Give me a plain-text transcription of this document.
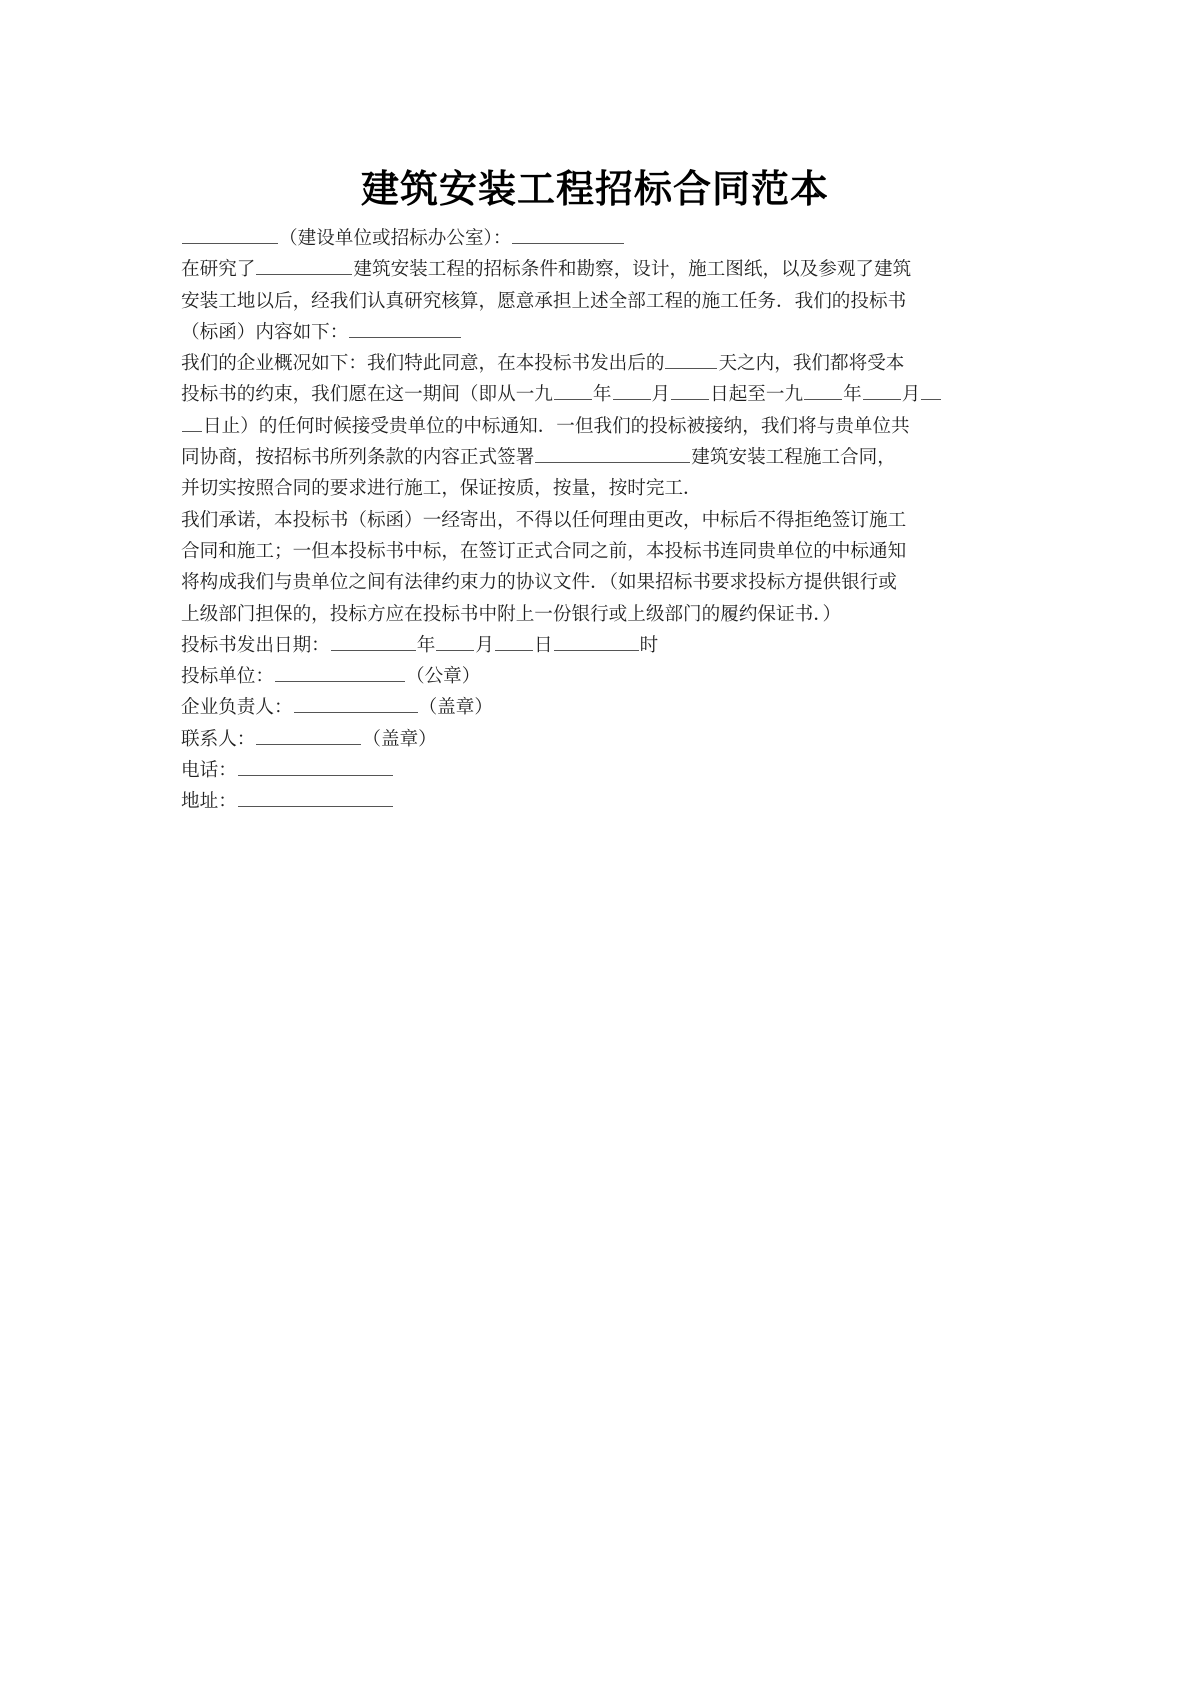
建筑安装工程招标合同范本
（建设单位或招标办公室）：
在研究了	建筑安装工程的招标条件和勘察，设计，施工图纸，以及参观了建筑
安装工地以后，经我们认真研究核算，愿意承担上述全部工程的施工任务．我们的投标书
（标函）内容如下：
我们的企业概况如下：我们特此同意，在本投标书发出后的	天之内，我们都将受本
投标书的约束，我们愿在这一期间（即从一九 年 月 日起至一九 年 月
日止）的任何时候接受贵单位的中标通知．一但我们的投标被接纳，我们将与贵单位共
同协商，按招标书所列条款的内容正式签署	建筑安装工程施工合同，
并切实按照合同的要求进行施工，保证按质，按量，按时完工．
我们承诺，本投标书（标函）一经寄出，不得以任何理由更改，中标后不得拒绝签订施工
合同和施工；一但本投标书中标，在签订正式合同之前，本投标书连同贵单位的中标通知
将构成我们与贵单位之间有法律约束力的协议文件．（如果招标书要求投标方提供银行或
上级部门担保的，投标方应在投标书中附上一份银行或上级部门的履约保证书．）
投标书发出日期：	年 月 日	时
投标单位：	（公章）
企业负责人：	（盖章）
联系人：	（盖章）
电话：
地址：
